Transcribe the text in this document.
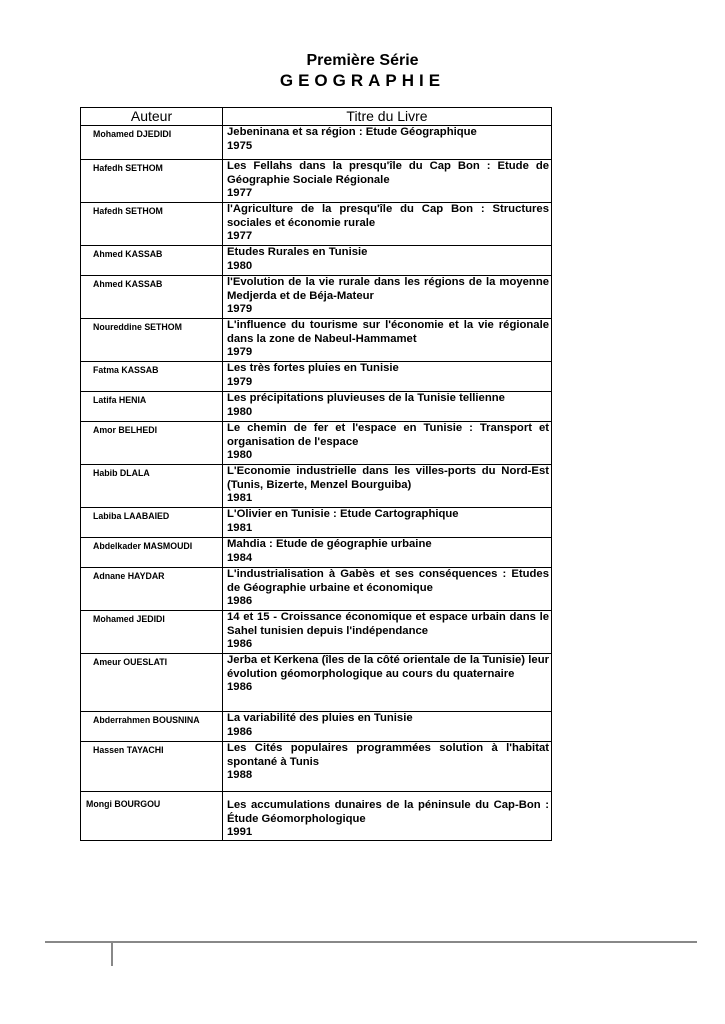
Première Série
GEOGRAPHIE
Auteur	Titre du Livre
Mohamed DJEDIDI	Jebeninana et sa région : Etude Géographique
1975

Hafedh SETHOM	Les Fellahs dans la presqu'île du Cap Bon : Etude de Géographie Sociale Régionale
1977

Hafedh SETHOM	l'Agriculture de la presqu'île du Cap Bon : Structures sociales et économie rurale
1977

Ahmed KASSAB	Etudes Rurales en Tunisie
1980

Ahmed KASSAB	l'Evolution de la vie rurale dans les régions de la moyenne Medjerda et de Béja-Mateur
1979

Noureddine SETHOM	L'influence du tourisme sur l'économie et la vie régionale dans la zone de Nabeul-Hammamet
1979

Fatma KASSAB	Les très fortes pluies en Tunisie
1979

Latifa HENIA	Les précipitations pluvieuses de la Tunisie tellienne
1980

Amor BELHEDI	Le chemin de fer et l'espace en Tunisie : Transport et organisation de l'espace
1980

Habib DLALA	L'Economie industrielle dans les villes-ports du Nord-Est (Tunis, Bizerte, Menzel Bourguiba)
1981

Labiba LAABAIED	L'Olivier en Tunisie : Etude Cartographique
1981

Abdelkader MASMOUDI	Mahdia : Etude de géographie urbaine
1984

Adnane HAYDAR	L'industrialisation à Gabès et ses conséquences : Etudes de Géographie urbaine et économique
1986

Mohamed JEDIDI	14 et 15 - Croissance économique et espace urbain dans le Sahel tunisien depuis l'indépendance
1986

Ameur OUESLATI	Jerba et Kerkena (îles de la côté orientale de la Tunisie) leur évolution géomorphologique au cours du quaternaire
1986

Abderrahmen BOUSNINA	La variabilité des pluies en Tunisie
1986

Hassen TAYACHI	Les Cités populaires programmées solution à l'habitat spontané à Tunis
1988

Mongi BOURGOU	Les accumulations dunaires de la péninsule du Cap-Bon : Étude Géomorphologique
1991
